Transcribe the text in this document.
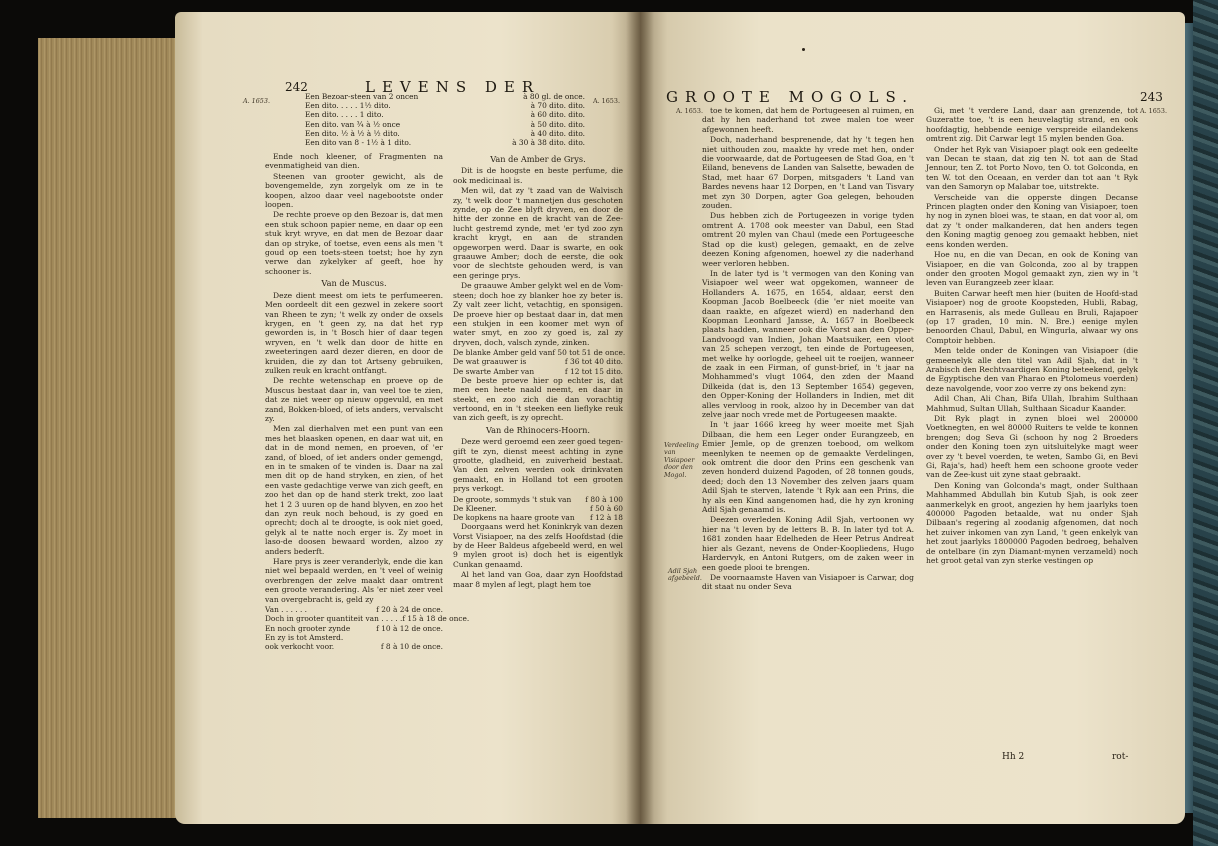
242	LEVENS DER
A. 1653.	A. 1653.
Een Bezoar-steen van 2 oncen	à 80 gl. de once.
Een dito. . . . . 1½ dito.	à 70 dito. dito.
Een dito. . . . . 1 dito.	à 60 dito. dito.
Een dito. van ¾ à ½ once	à 50 dito. dito.
Een dito. ½ à ½ à ½ dito.	à 40 dito. dito.
Een dito van 8 - 1½ à 1 dito.	à 30 à 38 dito. dito.

Ende noch kleener, of Fragmenten na evenmatigheid van dien.

Steenen van grooter gewicht, als de bovengemelde, zyn zorgelyk om ze in te koopen, alzoo daar veel nagebootste onder loopen.

De rechte proeve op den Bezoar is, dat men een stuk schoon papier neme, en daar op een stuk kryt wryve, en dat men de Bezoar daar dan op stryke, of toetse, even eens als men 't goud op een toets-steen toetst; hoe hy zyn verwe dan zykelyker af geeft, hoe hy schooner is.

Van de Muscus.

Deze dient meest om iets te perfumeeren. Men oordeelt dit een gezwel in zekere soort van Rheen te zyn; 't welk zy onder de oxsels krygen, en 't geen zy, na dat het ryp geworden is, in 't Bosch hier of daar tegen wryven, en 't welk dan door de hitte en zweeteringen aard dezer dieren, en door de kruiden, die zy dan tot Artseny gebruiken, zulken reuk en kracht ontfangt.

De rechte wetenschap en proeve op de Muscus bestaat daar in, van veel toe te zien, dat ze niet weer op nieuw opgevuld, en met zand, Bokken-bloed, of iets anders, vervalscht zy.

Men zal dierhalven met een punt van een mes het blaasken openen, en daar wat uit, en dat in de mond nemen, en proeven, of 'er zand, of bloed, of iet anders onder gemengd, en in te smaken of te vinden is. Daar na zal men dit op de hand stryken, en zien, of het een vaste gedachtige verwe van zich geeft, en zoo het dan op de hand sterk trekt, zoo laat het 1 2 3 uuren op de hand blyven, en zoo het dan zyn reuk noch behoud, is zy goed en oprecht; doch al te droogte, is ook niet goed, gelyk al te natte noch erger is. Zy moet in laso-de doosen bewaard worden, alzoo zy anders bederft.

Hare prys is zeer veranderlyk, ende die kan niet wel bepaald werden, en 't veel of weinig overbrengen der zelve maakt daar omtrent een groote verandering. Als 'er niet zeer veel van overgebracht is, geld zy

Van . . . . . .	f 20 à 24 de once.
Doch in grooter quantiteit van . . . . . f 15 à 18 de once.
En noch grooter zynde	f 10 à 12 de once.
En zy is tot Amsterd.
ook verkocht voor.	f 8 à 10 de once.
Van de Amber de Grys.

Dit is de hoogste en beste perfume, die ook medicinaal is.

Men wil, dat zy 't zaad van de Walvisch zy, 't welk door 't mannetjen dus geschoten zynde, op de Zee blyft dryven, en door de hitte der zonne en de kracht van de Zee-lucht gestremd zynde, met 'er tyd zoo zyn kracht krygt, en aan de stranden opgeworpen werd. Daar is swarte, en ook graauwe Amber; doch de eerste, die ook voor de slechtste gehouden werd, is van een geringe prys.

De graauwe Amber gelykt wel en de Vom-steen; doch hoe zy blanker hoe zy beter is. Zy valt zeer licht, vetachtig, en sponsigen. De proeve hier op bestaat daar in, dat men een stukjen in een koomer met wyn of water smyt, en zoo zy goed is, zal zy dryven, doch, valsch zynde, zinken.

De blanke Amber geld van f 50 tot 51 de once.
De wat graauwer is	f 36 tot 40 dito.
De swarte Amber van	f 12 tot 15 dito.

De beste proeve hier op echter is, dat men een heete naald neemt, en daar in steekt, en zoo zich die dan vorachtig vertoond, en in 't steeken een lieflyke reuk van zich geeft, is zy oprecht.

Van de Rhinocers-Hoorn.

Deze werd geroemd een zeer goed tegen-gift te zyn, dienst meest achting in zyne grootte, gladheid, en zuiverheid bestaat. Van den zelven werden ook drinkvaten gemaakt, en in Holland tot een grooten prys verkogt.

De groote, sommyds 't stuk van f 80 à 100
De Kleener.	f 50 à 60
De kopkens na haare groote van f 12 à 18

Doorgaans werd het Koninkryk van dezen Vorst Visiapoer, na des zelfs Hoofdstad (die by de Heer Baldeus afgebeeld werd, en wel 9 mylen groot is) doch het is eigentlyk Cunkan genaamd.

Al het land van Goa, daar zyn Hoofdstad maar 8 mylen af legt, plagt hem toe

GROOTE MOGOLS.	243
A. 1653.	A. 1653.
Verdeeling van Visiapoer door den Mogol.
Adil Sjah afgebeeld.

toe te komen, dat hem de Portugeesen al ruimen, en dat hy hen naderhand tot zwee malen toe weer afgewonnen heeft.

Doch, naderhand besprenende, dat hy 't tegen hen niet uithouden zou, maakte hy vrede met hen, onder die voorwaarde, dat de Portugeesen de Stad Goa, en 't Eiland, benevens de Landen van Salsette, bewaden de Stad, met haar 67 Dorpen, mitsgaders 't Land van Bardes nevens haar 12 Dorpen, en 't Land van Tisvary met zyn 30 Dorpen, agter Goa gelegen, behouden zouden.

Dus hebben zich de Portugeezen in vorige tyden omtrent A. 1708 ook meester van Dabul, een Stad omtrent 20 mylen van Chaul (mede een Portugeesche Stad op die kust) gelegen, gemaakt, en de zelve deezen Koning afgenomen, hoewel zy die naderhand weer verloren hebben.

In de later tyd is 't vermogen van den Koning van Visiapoer wel weer wat opgekomen, wanneer de Hollanders A. 1675, en 1654, aldaar, eerst den Koopman Jacob Boelbeeck (die 'er niet moeite van daan raakte, en afgezet wierd) en naderhand den Koopman Leonhard Jansse, A. 1657 in Boelbeeck plaats hadden, wanneer ook die Vorst aan den Opper-Landvoogd van Indien, Johan Maatsuiker, een vloot van 25 schepen verzogt, ten einde de Portugeesen, met welke hy oorlogde, geheel uit te roeijen, wanneer de zaak in een Firman, of gunst-brief, in 't jaar na Mohhammed's vlugt 1064, den zden der Maand Dilkeida (dat is, den 13 September 1654) gegeven, den Opper-Koning der Hollanders in Indien, met dit alles vervloog in rook, alzoo hy in December van dat zelve jaar noch vrede met de Portugeesen maakte.

In 't jaar 1666 kreeg hy weer moeite met Sjah Dilbaan, die hem een Leger onder Eurangzeeb, en Emier Jemle, op de grenzen toebood, om welkom meenlyken te neemen op de gemaakte Verdelingen, ook omtrent die door den Prins een geschenk van zeven honderd duizend Pagoden, of 28 tonnen gouds, deed; doch den 13 November des zelven jaars quam Adil Sjah te sterven, latende 't Ryk aan een Prins, die hy als een Kind aangenomen had, die hy zyn kroning Adil Sjah genaamd is.

Deezen overleden Koning Adil Sjah, vertoonen wy hier na 't leven by de letters B. B. In later tyd tot A. 1681 zonden haar Edelheden de Heer Petrus Andreat hier als Gezant, nevens de Onder-Koopliedens, Hugo Hardervyk, en Antoni Rutgers, om de zaken weer in een goede plooi te brengen.

De voornaamste Haven van Visiapoer is Carwar, dog dit staat nu onder Seva

Gi, met 't verdere Land, daar aan grenzende, tot Guzeratte toe, 't is een heuvelagtig strand, en ook hoofdagtig, hebbende eenige verspreide eilandekens omtrent zig. Dit Carwar legt 15 mylen benden Goa.

Onder het Ryk van Visiapoer plagt ook een gedeelte van Decan te staan, dat zig ten N. tot aan de Stad Jennour, ten Z. tot Porto Novo, ten O. tot Golconda, en ten W. tot den Oceaan, en verder dan tot aan 't Ryk van den Samoryn op Malabar toe, uitstrekte.

Verscheide van die opperste dingen Decanse Princen plagten onder den Koning van Visiapoer, toen hy nog in zynen bloei was, te staan, en dat voor al, om dat zy 't onder malkanderen, dat hen anders tegen den Koning magtig genoeg zou gemaakt hebben, niet eens konden werden.

Hoe nu, en die van Decan, en ook de Koning van Visiapoer, en die van Golconda, zoo al by trappen onder den grooten Mogol gemaakt zyn, zien wy in 't leven van Eurangzeeb zeer klaar.

Buiten Carwar heeft men hier (buiten de Hoofd-stad Visiapoer) nog de groote Koopsteden, Hubli, Rabag, en Harrasenis, als mede Gulleau en Bruli, Rajapoer (op 17 graden, 10 min. N. Bre.) eenige mylen benoorden Chaul, Dabul, en Wingurla, alwaar wy ons Comptoir hebben.

Men telde onder de Koningen van Visiapoer (die gemeenelyk alle den titel van Adil Sjah, dat in 't Arabisch den Rechtvaardigen Koning beteekend, gelyk de Egyptische den van Pharao en Ptolomeus voerden) deze navolgende, voor zoo verre zy ons bekend zyn:

Adil Chan, Ali Chan, Bifa Ullah, Ibrahim Sulthaan Mahhmud, Sultan Ullah, Sulthaan Sicadur Kaander.

Dit Ryk plagt in zynen bloei wel 200000 Voetknegten, en wel 80000 Ruiters te velde te konnen brengen; dog Seva Gi (schoon hy nog 2 Broeders onder den Koning toen zyn uitsluitelyke magt weer over zy 't bevel voerden, te weten, Sambo Gi, en Bevi Gi, Raja's, had) heeft hem een schoone groote veder van de Zee-kust uit zyne staat gebraakt.

Den Koning van Golconda's magt, onder Sulthaan Mahhammed Abdullah bin Kutub Sjah, is ook zeer aanmerkelyk en groot, angezien hy hem jaarlyks toen 400000 Pagoden betaalde, wat nu onder Sjah Dilbaan's regering al zoodanig afgenomen, dat noch het zuiver inkomen van zyn Land, 't geen enkelyk van het zout jaarlyks 1800000 Pagoden bedroeg, behalven de ontelbare (in zyn Diamant-mynen verzameld) noch het groot getal van zyn sterke vestingen op

Hh 2	rot-
